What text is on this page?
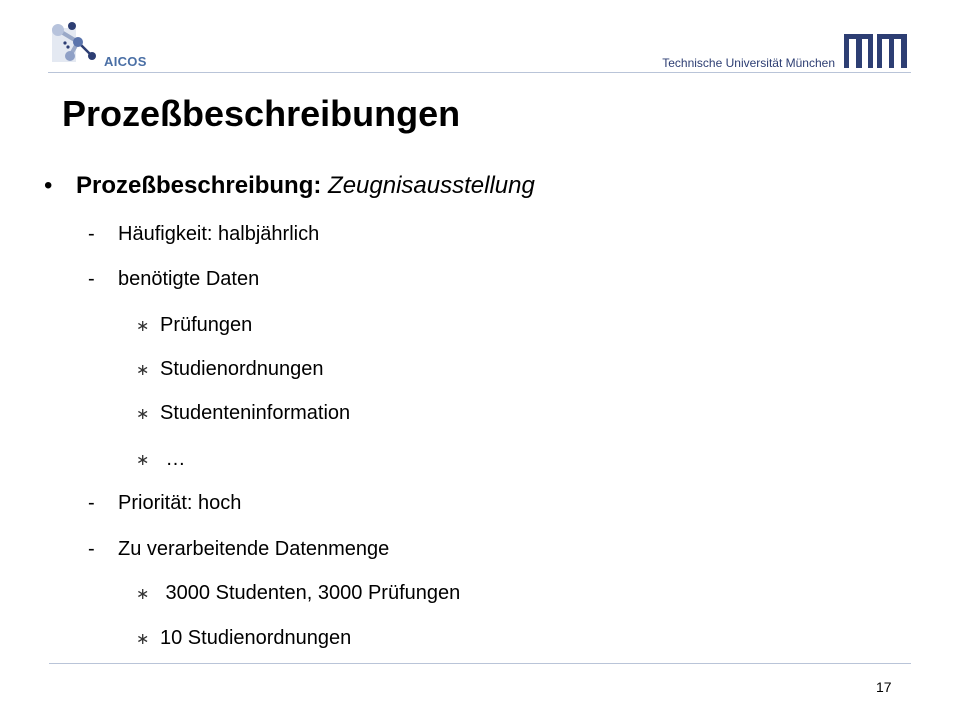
AICOS	Technische Universität München
Prozeßbeschreibungen
• Prozeßbeschreibung: Zeugnisausstellung
- Häufigkeit: halbjährlich
- benötigte Daten
∗ Prüfungen
∗ Studienordnungen
∗ Studenteninformation
∗ …
- Priorität: hoch
- Zu verarbeitende Datenmenge
∗ 3000 Studenten, 3000 Prüfungen
∗ 10 Studienordnungen
17
